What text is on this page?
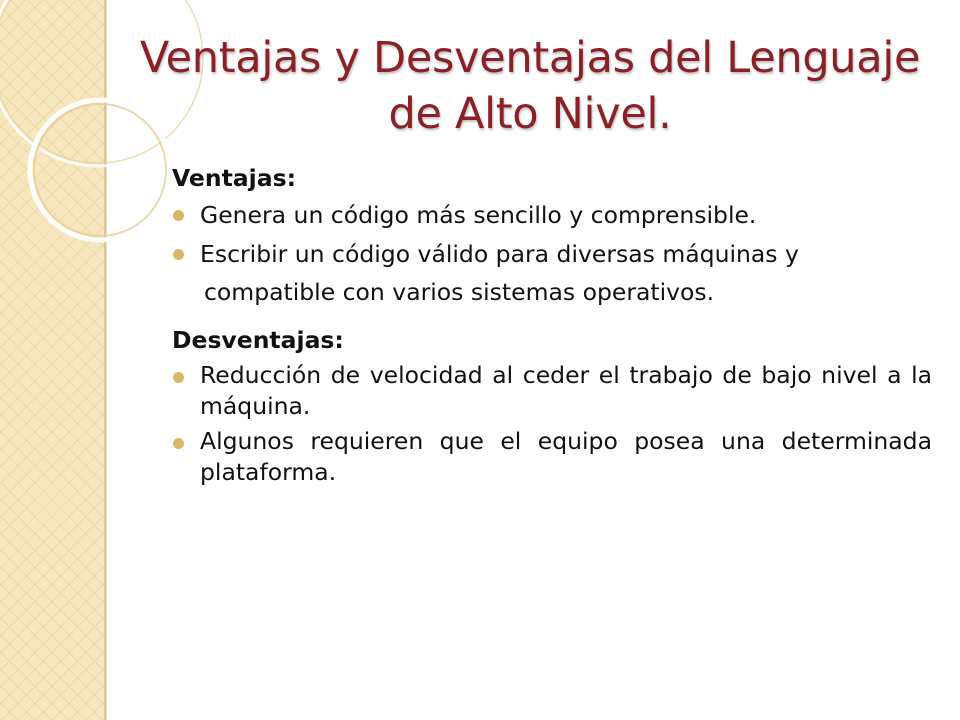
Ventajas y Desventajas del Lenguaje
de Alto Nivel.
Ventajas:
Genera un código más sencillo y comprensible.
Escribir un código válido para diversas máquinas y
compatible con varios sistemas operativos.
Desventajas:
Reducción de velocidad al ceder el trabajo de bajo nivel a la máquina.
Algunos requieren que el equipo posea una determinada plataforma.
